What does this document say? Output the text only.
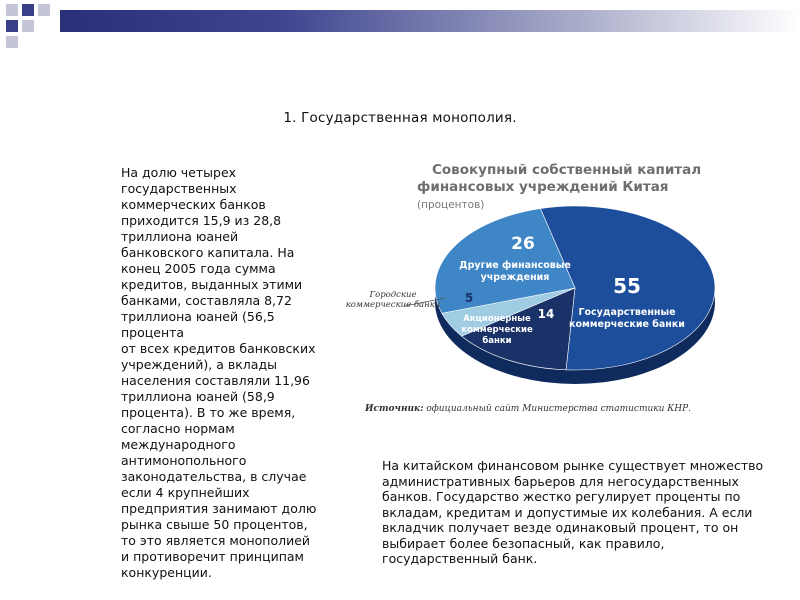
1. Государственная монополия.
На долю четырех
государственных
коммерческих банков
приходится 15,9 из 28,8
триллиона юаней
банковского капитала. На
конец 2005 года сумма
кредитов, выданных этими
банками, составляла 8,72
триллиона юаней (56,5
процента
от всех кредитов банковских
учреждений), а вклады
населения составляли 11,96
триллиона юаней (58,9
процента). В то же время,
согласно нормам
международного
антимонопольного
законодательства, в случае
если 4 крупнейших
предприятия занимают долю
рынка свыше 50 процентов,
то это является монополией
и противоречит принципам
конкуренции.
Совокупный собственный капитал
финансовых учреждений Китая (процентов)
Городские
коммерческие банки 5
26
Другие финансовые
учреждения	55
Государственные
коммерческие банки
14
Акционерные
коммерческие
банки
Источник: официальный сайт Министерства статистики КНР.
На китайском финансовом рынке существует множество административных барьеров для негосударственных банков. Государство жестко регулирует проценты по вкладам, кредитам и допустимые их колебания. А если вкладчик получает везде одинаковый процент, то он выбирает более безопасный, как правило, государственный банк.
